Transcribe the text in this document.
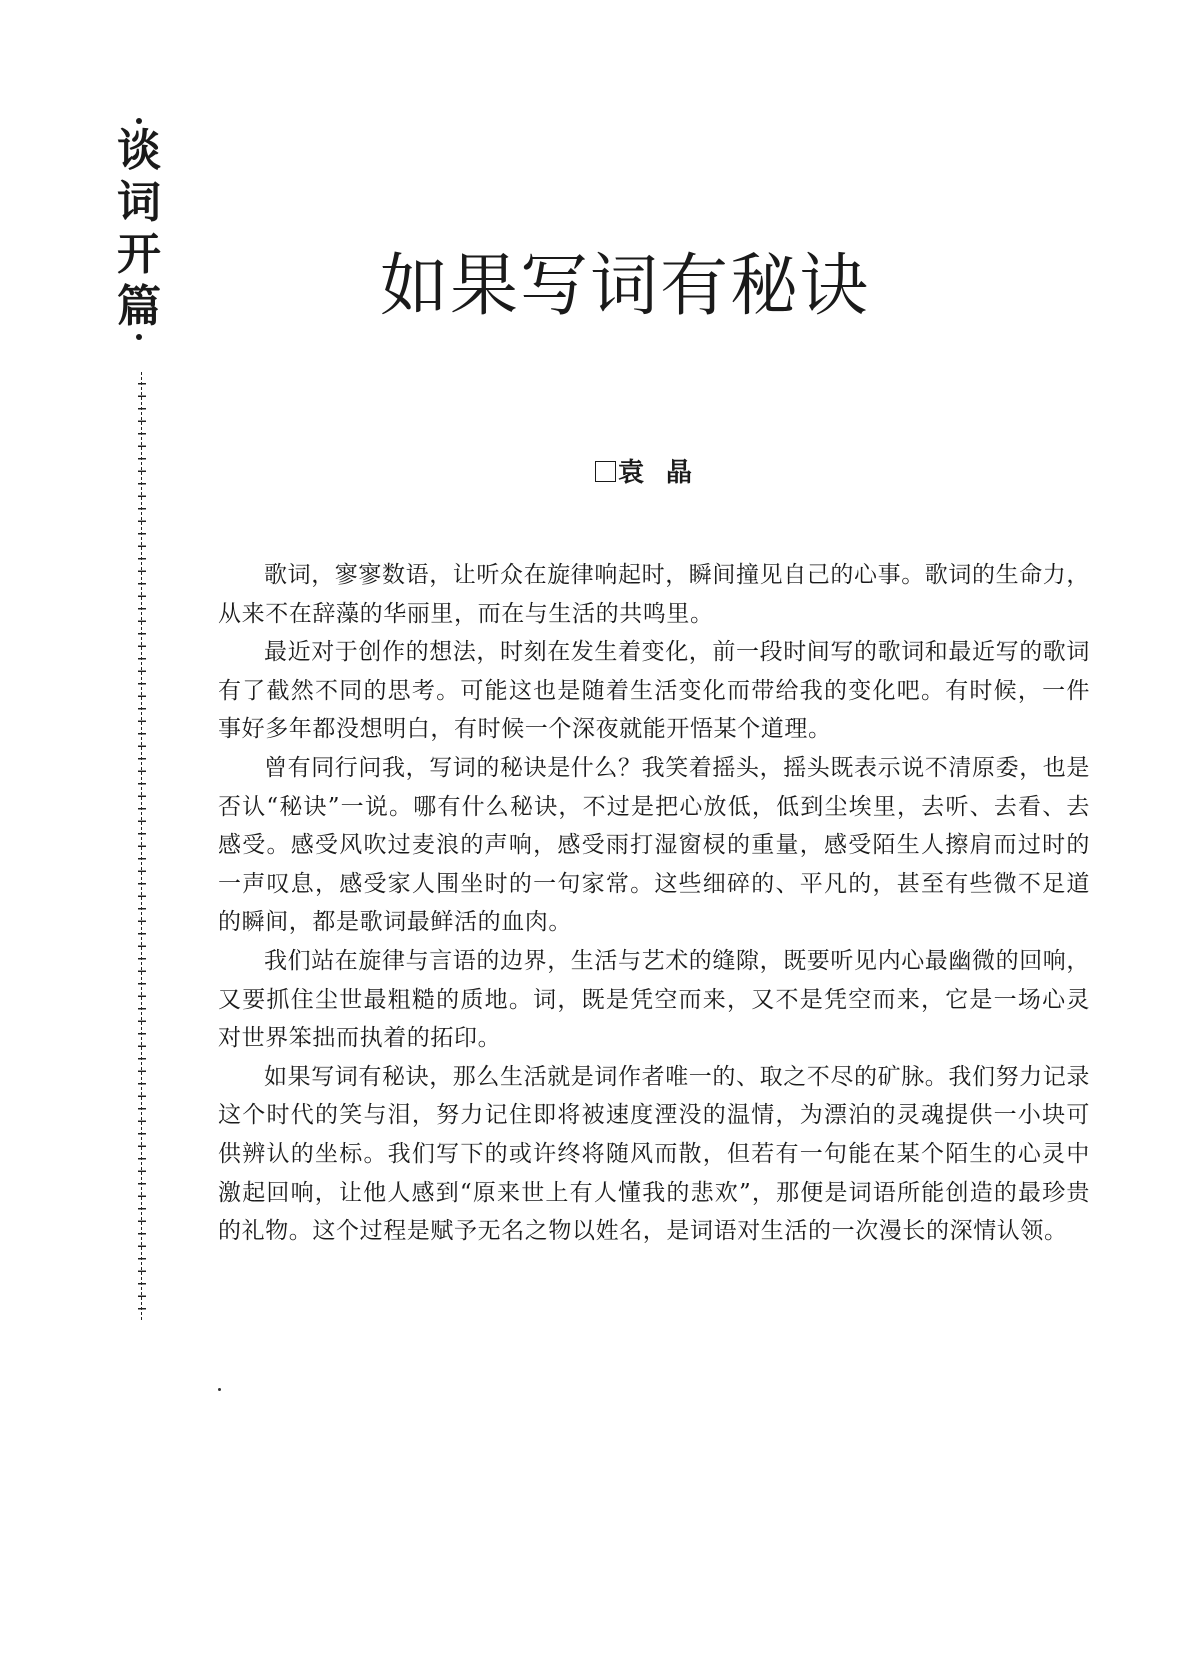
谈
词
开
篇	如果写词有秘诀
袁晶

歌词，寥寥数语，让听众在旋律响起时，瞬间撞见自己的心事。歌词的生命力，从来不在辞藻的华丽里，而在与生活的共鸣里。

最近对于创作的想法，时刻在发生着变化，前一段时间写的歌词和最近写的歌词有了截然不同的思考。可能这也是随着生活变化而带给我的变化吧。有时候，一件事好多年都没想明白，有时候一个深夜就能开悟某个道理。

曾有同行问我，写词的秘诀是什么？我笑着摇头，摇头既表示说不清原委，也是否认“秘诀”一说。哪有什么秘诀，不过是把心放低，低到尘埃里，去听、去看、去感受。感受风吹过麦浪的声响，感受雨打湿窗棂的重量，感受陌生人擦肩而过时的一声叹息，感受家人围坐时的一句家常。这些细碎的、平凡的，甚至有些微不足道的瞬间，都是歌词最鲜活的血肉。

我们站在旋律与言语的边界，生活与艺术的缝隙，既要听见内心最幽微的回响，又要抓住尘世最粗糙的质地。词，既是凭空而来，又不是凭空而来，它是一场心灵对世界笨拙而执着的拓印。

如果写词有秘诀，那么生活就是词作者唯一的、取之不尽的矿脉。我们努力记录这个时代的笑与泪，努力记住即将被速度湮没的温情，为漂泊的灵魂提供一小块可供辨认的坐标。我们写下的或许终将随风而散，但若有一句能在某个陌生的心灵中激起回响，让他人感到“原来世上有人懂我的悲欢”，那便是词语所能创造的最珍贵的礼物。这个过程是赋予无名之物以姓名，是词语对生活的一次漫长的深情认领。
